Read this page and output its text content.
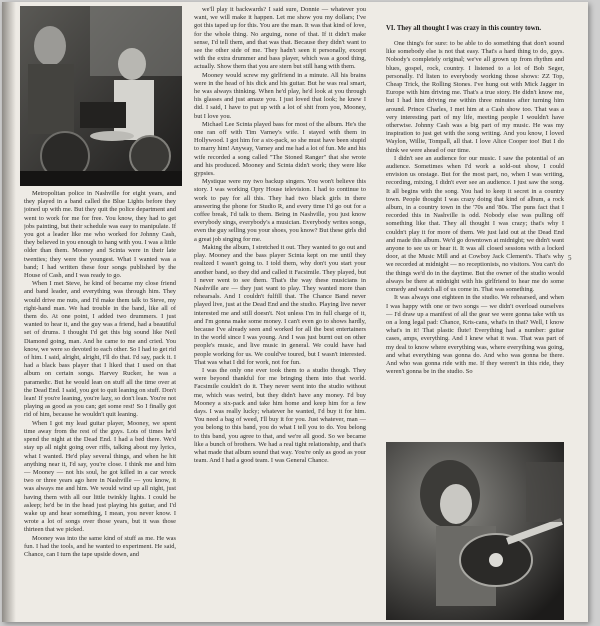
Metropolitan police in Nashville for eight years, and they played in a band called the Blue Lights before they joined up with me. But they quit the police department and went to work for me for free. You know, they had to get jobs painting, but their schedule was easy to manipulate. If you got a leader like me who worked for Johnny Cash, they believed in you enough to hang with you. I was a little older than them. Mooney and Scinta were in their late twenties; they were the youngest. What I wanted was a band; I had written these four songs published by the House of Cash, and I was ready to go.

When I met Steve, he kind of became my close friend and band leader, and everything was through him. They would drive me nuts, and I'd make them talk to Steve, my right-hand man. We had trouble in the band, like all of them do. At one point, I added two drummers. I just wanted to hear it, and the guy was a friend, had a beautiful set of drums. I thought I'd get this big sound like Neil Diamond going, man. And he came to me and cried. You know, we were so devoted to each other. So I had to get rid of him. I said, alright, alright, I'll do that. I'd say, pack it. I had a black bass player that I liked that I used on that album on certain songs. Harvey Rucker, he was a paramedic. But he would lean on stuff all the time over at the Dead End. I said, you got to quit leaning on stuff. Don't lean! If you're leaning, you're lazy, so don't lean. You're not playing as good as you can; get some rest! So I finally got rid of him, because he wouldn't quit leaning.

When I got my lead guitar player, Mooney, we spent time away from the rest of the guys. Lots of times he'd spend the night at the Dead End. I had a bed there. We'd stay up all night going over riffs, talking about my lyrics, what I wanted. He'd play several things, and when he hit anything near it, I'd say, you're close. I think me and him — Mooney — not his soul, he got killed in a car wreck two or three years ago here in Nashville — you know, it was always me and him. We would wind up all night, just having them with all our little twinkly lights. I could be asleep; he'd be in the head just playing his guitar, and I'd wake up and hear something, I mean, you never know. I wrote a lot of songs over those years, but it was those thirteen that we picked.

Mooney was into the same kind of stuff as me. He was fun. I had the tools, and he wanted to experiment. He said, Chance, can I turn the tape upside down, and

we'll play it backwards? I said sure, Donnie — whatever you want, we will make it happen. Let me show you my dollars; I've got this taped up for this. You are the man. It was that kind of love, for the whole thing. No arguing, none of that. If it didn't make sense, I'd tell them, and that was that. Because they didn't want to see the other side of me. They hadn't seen it personally, except with the extra drummer and bass player, which was a good thing, actually. Show them that you are stern but still hang with them.

Mooney would screw my girlfriend in a minute. All his brains were in the head of his dick and his guitar. But he was real smart, he was always thinking. When he'd play, he'd look at you through his glasses and just amaze you. I just loved that look; he knew I did. I said, I have to put up with a lot of shit from you, Mooney, but I love you.

Michael Lee Scinta played bass for most of the album. He's the one ran off with Tim Varney's wife. I stayed with them in Hollywood. I got him for a six-pack, so she must have been stupid to marry him! Anyway, Varney and me had a lot of fun. Me and his wife recorded a song called "The Stoned Ranger" that she wrote and his produced. Mooney and Scinta didn't work; they were like gypsies.

Mystique were my two backup singers. You won't believe this story. I was working Opry House television. I had to continue to work to pay for all this. They had two black girls in there answering the phone for Studio R, and every time I'd go out for a coffee break, I'd talk to them. Being in Nashville, you just know everybody sings, everybody's a musician. Everybody writes songs, even the guy selling you your shoes, you know? But these girls did a great job singing for me.

Making the album, I stretched it out. They wanted to go out and play. Mooney and the bass player Scinta kept on me until they realized I wasn't going to. I told them, why don't you start your another band, so they did and called it Facsimile. They played, but I never went to see them. That's the way these musicians in Nashville are — they just want to play. They wanted more than rehearsals. And I couldn't fulfill that. The Chance Band never played live, just at the Dead End and the studio. Playing live never interested me and still doesn't. Not unless I'm in full charge of it, and I'm gonna make some money. I can't even go to shows hardly, because I've already seen and worked for all the best entertainers in the world since I was young. And I was just burnt out on other people's music, and live music in general. We could have had people working for us. We could've toured, but I wasn't interested. That was what I did for work, not for fun.

I was the only one ever took them to a studio though. They were beyond thankful for me bringing them into that world. Facsimile couldn't do it. They never went into the studio without me, which was weird, but they didn't have any money. I'd buy Mooney a six-pack and take him home and keep him for a few days. I was really lucky; whatever he wanted, I'd buy it for him. You need a bag of weed, I'll buy it for you. Just whatever, man — you belong to this band, you do what I tell you to do. You belong to this band, you agree to that, and we're all good. So we became like a bunch of brothers. We had a real tight relationship, and that's what made that album sound that way. You're only as good as your team. And I had a good team. I was General Chance.

VI. They all thought I was crazy in this country town.

One thing's for sure: to be able to do something that don't sound like somebody else is not that easy. That's a hard thing to do, guys. Nobody's completely original; we've all grown up from rhythm and blues, gospel, rock, country. I listened to a lot of Bob Seger, personally. I'd listen to everybody working those shows: ZZ Top, Cheap Trick, the Rolling Stones. I've hung out with Mick Jagger in Europe with him driving me. That's a true story. He didn't know me, but I had him driving me within three minutes after turning him around. Prince Charles, I met him at a Cash show too. That was a very interesting part of my life, meeting people I wouldn't have otherwise. Johnny Cash was a big part of my music. He was my inspiration to just get with the song writing. And you know, I loved Waylon, Willie, Tompall, all that. I love Alice Cooper too! But I do think we were ahead of our time.

I didn't see an audience for our music. I saw the potential of an audience. Sometimes when I'd work a sold-out show, I could envision us onstage. But for the most part, no, when I was writing, recording, mixing, I didn't ever see an audience. I just saw the song. It all begins with the song. You had to keep it secret in a country town. People thought I was crazy doing that kind of album, a rock album, in a country town in the '70s and '80s. The puns fact that I recorded this in Nashville is odd. Nobody else was pulling off something like that. They all thought I was crazy; that's why I couldn't play it for more of them. We just laid out at the Dead End and made this album. We'd go downtown at midnight; we didn't want anyone to see us or hear it. It was all closed sessions with a locked door, at the Music Mill and at Cowboy Jack Clement's. That's why we recorded at midnight — no receptionists, no visitors. You can't do the things we'd do in the daytime. But the owner of the studio would always be there at midnight with his girlfriend to hear me do some comedy and watch all of us come in. That was something.

It was always one eighteen in the studio. We rehearsed, and when I was happy with one or two songs — we didn't overload ourselves — I'd draw up a manifest of all the gear we were gonna take with us on a long legal pad: Chance, Kris-cans, what's in that? Well, I know what's in it! That plastic flute! Everything had a number: guitar cases, amps, everything. And I knew what it was. That was part of my deal to know where everything was, where everything was going, and what everything was gonna do. And who was gonna be there. And who was gonna ride with me. If they weren't in this ride, they weren't gonna be in the studio. So

5
